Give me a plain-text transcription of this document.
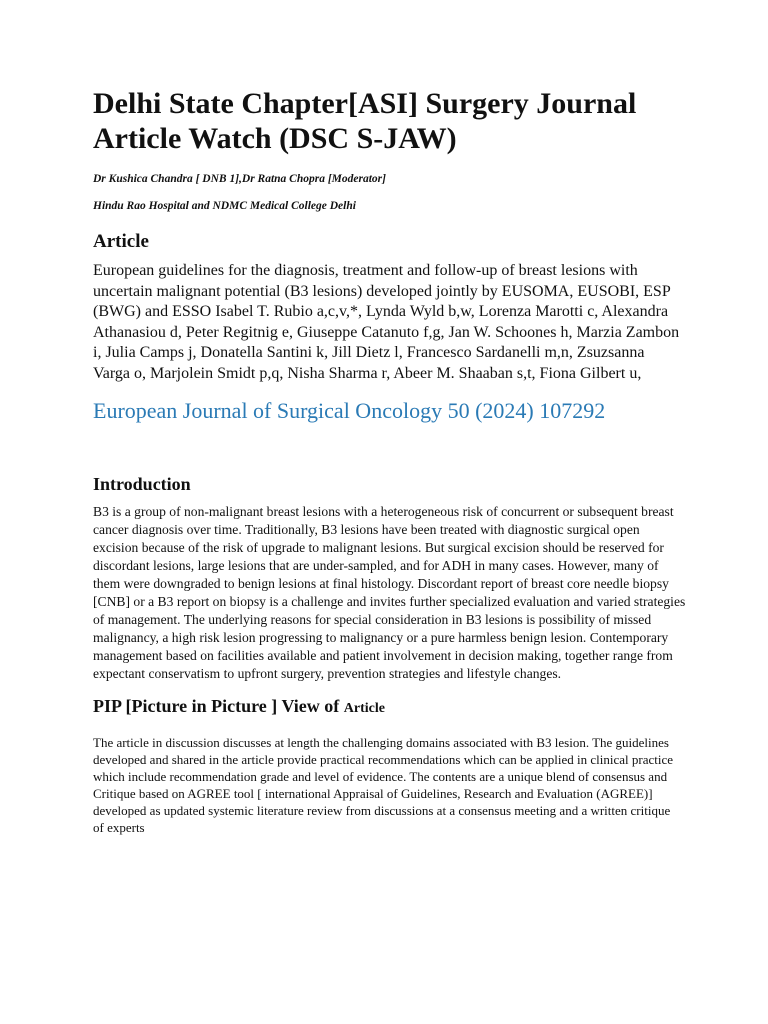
Delhi State Chapter[ASI] Surgery Journal Article Watch (DSC S-JAW)

Dr Kushica Chandra [ DNB 1],Dr Ratna Chopra [Moderator]

Hindu Rao Hospital and NDMC Medical College Delhi

Article

European guidelines for the diagnosis, treatment and follow-up of breast lesions with uncertain malignant potential (B3 lesions) developed jointly by EUSOMA, EUSOBI, ESP (BWG) and ESSO Isabel T. Rubio a,c,v,*, Lynda Wyld b,w, Lorenza Marotti c, Alexandra Athanasiou d, Peter Regitnig e, Giuseppe Catanuto f,g, Jan W. Schoones h, Marzia Zambon i, Julia Camps j, Donatella Santini k, Jill Dietz l, Francesco Sardanelli m,n, Zsuzsanna Varga o, Marjolein Smidt p,q, Nisha Sharma r, Abeer M. Shaaban s,t, Fiona Gilbert u,

European Journal of Surgical Oncology 50 (2024) 107292

Introduction

B3 is a group of non-malignant breast lesions with a heterogeneous risk of concurrent or subsequent breast cancer diagnosis over time. Traditionally, B3 lesions have been treated with diagnostic surgical open excision because of the risk of upgrade to malignant lesions. But surgical excision should be reserved for discordant lesions, large lesions that are under-sampled, and for ADH in many cases. However, many of them were downgraded to benign lesions at final histology. Discordant report of breast core needle biopsy [CNB] or a B3 report on biopsy is a challenge and invites further specialized evaluation and varied strategies of management. The underlying reasons for special consideration in B3 lesions is possibility of missed malignancy, a high risk lesion progressing to malignancy or a pure harmless benign lesion. Contemporary management based on facilities available and patient involvement in decision making, together range from expectant conservatism to upfront surgery, prevention strategies and lifestyle changes.

PIP [Picture in Picture ] View of Article

The article in discussion discusses at length the challenging domains associated with B3 lesion. The guidelines developed and shared in the article provide practical recommendations which can be applied in clinical practice which include recommendation grade and level of evidence. The contents are a unique blend of consensus and Critique based on AGREE tool [ international Appraisal of Guidelines, Research and Evaluation (AGREE)] developed as updated systemic literature review from discussions at a consensus meeting and a written critique of experts
